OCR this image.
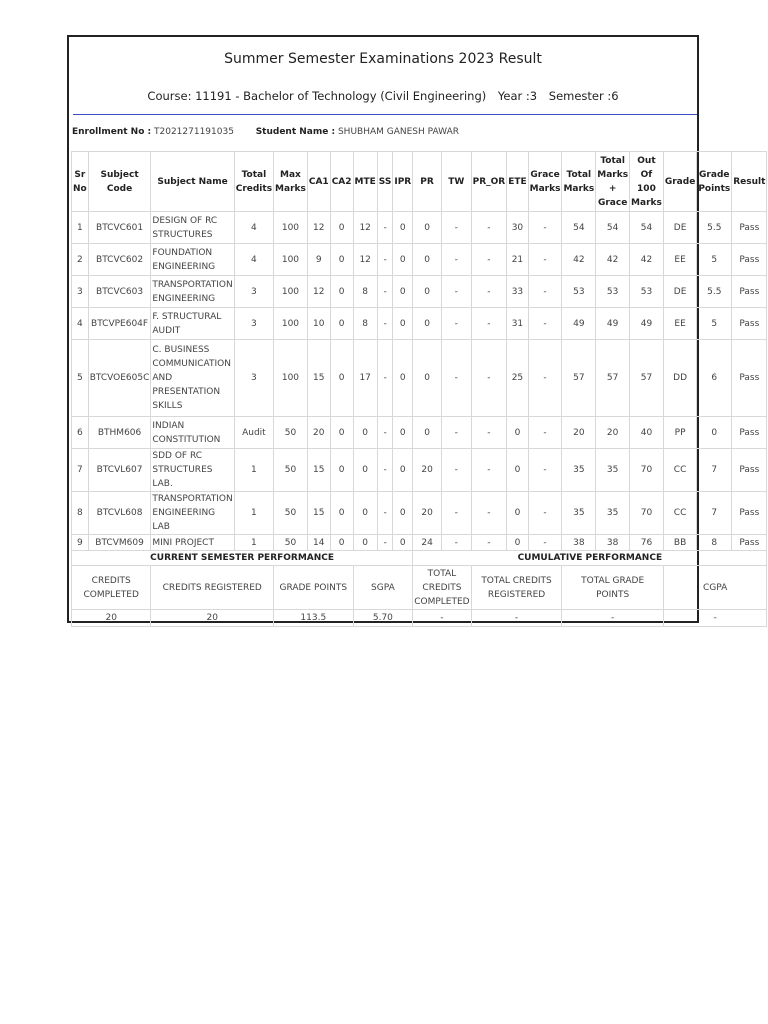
Summer Semester Examinations 2023 Result
Course: 11191 - Bachelor of Technology (Civil Engineering) Year :3 Semester :6
Enrollment No : T2021271191035 Student Name : SHUBHAM GANESH PAWAR
Sr No	Subject Code	Subject Name	Total Credits	Max Marks	CA1	CA2	MTE	SS	IPR	PR	TW	PR_OR	ETE	Grace Marks	Total Marks	Total Marks + Grace	Out Of 100 Marks	Grade	Grade Points	Result
1	BTCVC601	DESIGN OF RC STRUCTURES	4	100	12	0	12	-	0	0	-	-	30	-	54	54	54	DE	5.5	Pass
2	BTCVC602	FOUNDATION ENGINEERING	4	100	9	0	12	-	0	0	-	-	21	-	42	42	42	EE	5	Pass
3	BTCVC603	TRANSPORTATION ENGINEERING	3	100	12	0	8	-	0	0	-	-	33	-	53	53	53	DE	5.5	Pass
4	BTCVPE604F	F. STRUCTURAL AUDIT	3	100	10	0	8	-	0	0	-	-	31	-	49	49	49	EE	5	Pass
5	BTCVOE605C	C. BUSINESS COMMUNICATION AND PRESENTATION SKILLS	3	100	15	0	17	-	0	0	-	-	25	-	57	57	57	DD	6	Pass
6	BTHM606	INDIAN CONSTITUTION	Audit	50	20	0	0	-	0	0	-	-	0	-	20	20	40	PP	0	Pass
7	BTCVL607	SDD OF RC STRUCTURES LAB.	1	50	15	0	0	-	0	20	-	-	0	-	35	35	70	CC	7	Pass
8	BTCVL608	TRANSPORTATION ENGINEERING LAB	1	50	15	0	0	-	0	20	-	-	0	-	35	35	70	CC	7	Pass
9	BTCVM609	MINI PROJECT	1	50	14	0	0	-	0	24	-	-	0	-	38	38	76	BB	8	Pass
CURRENT SEMESTER PERFORMANCE										CUMULATIVE PERFORMANCE										
CREDITS COMPLETED		CREDITS REGISTERED		GRADE POINTS			SGPA			TOTAL CREDITS COMPLETED		TOTAL CREDITS REGISTERED			TOTAL GRADE POINTS			CGPA		
20		20		113.5			5.70			-		-			-			-		
